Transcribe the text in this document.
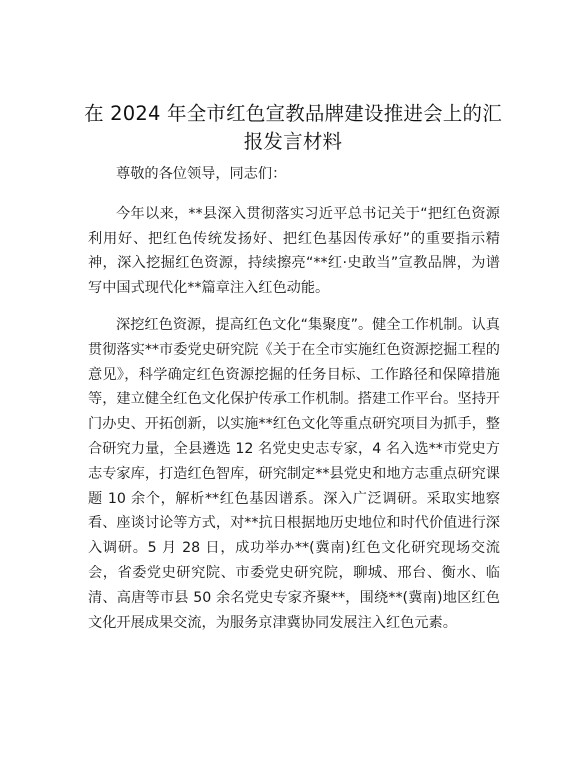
在 2024 年全市红色宣教品牌建设推进会上的汇报发言材料

尊敬的各位领导，同志们：

今年以来，**县深入贯彻落实习近平总书记关于“把红色资源利用好、把红色传统发扬好、把红色基因传承好”的重要指示精神，深入挖掘红色资源，持续擦亮“**红·史敢当”宣教品牌，为谱写中国式现代化**篇章注入红色动能。

深挖红色资源，提高红色文化“集聚度”。健全工作机制。认真贯彻落实**市委党史研究院《关于在全市实施红色资源挖掘工程的意见》，科学确定红色资源挖掘的任务目标、工作路径和保障措施等，建立健全红色文化保护传承工作机制。搭建工作平台。坚持开门办史、开拓创新，以实施**红色文化等重点研究项目为抓手，整合研究力量，全县遴选 12 名党史史志专家，4 名入选**市党史方志专家库，打造红色智库，研究制定**县党史和地方志重点研究课题 10 余个，解析**红色基因谱系。深入广泛调研。采取实地察看、座谈讨论等方式，对**抗日根据地历史地位和时代价值进行深入调研。5 月 28 日，成功举办**(冀南)红色文化研究现场交流会，省委党史研究院、市委党史研究院，聊城、邢台、衡水、临清、高唐等市县 50 余名党史专家齐聚**，围绕**(冀南)地区红色文化开展成果交流，为服务京津冀协同发展注入红色元素。
